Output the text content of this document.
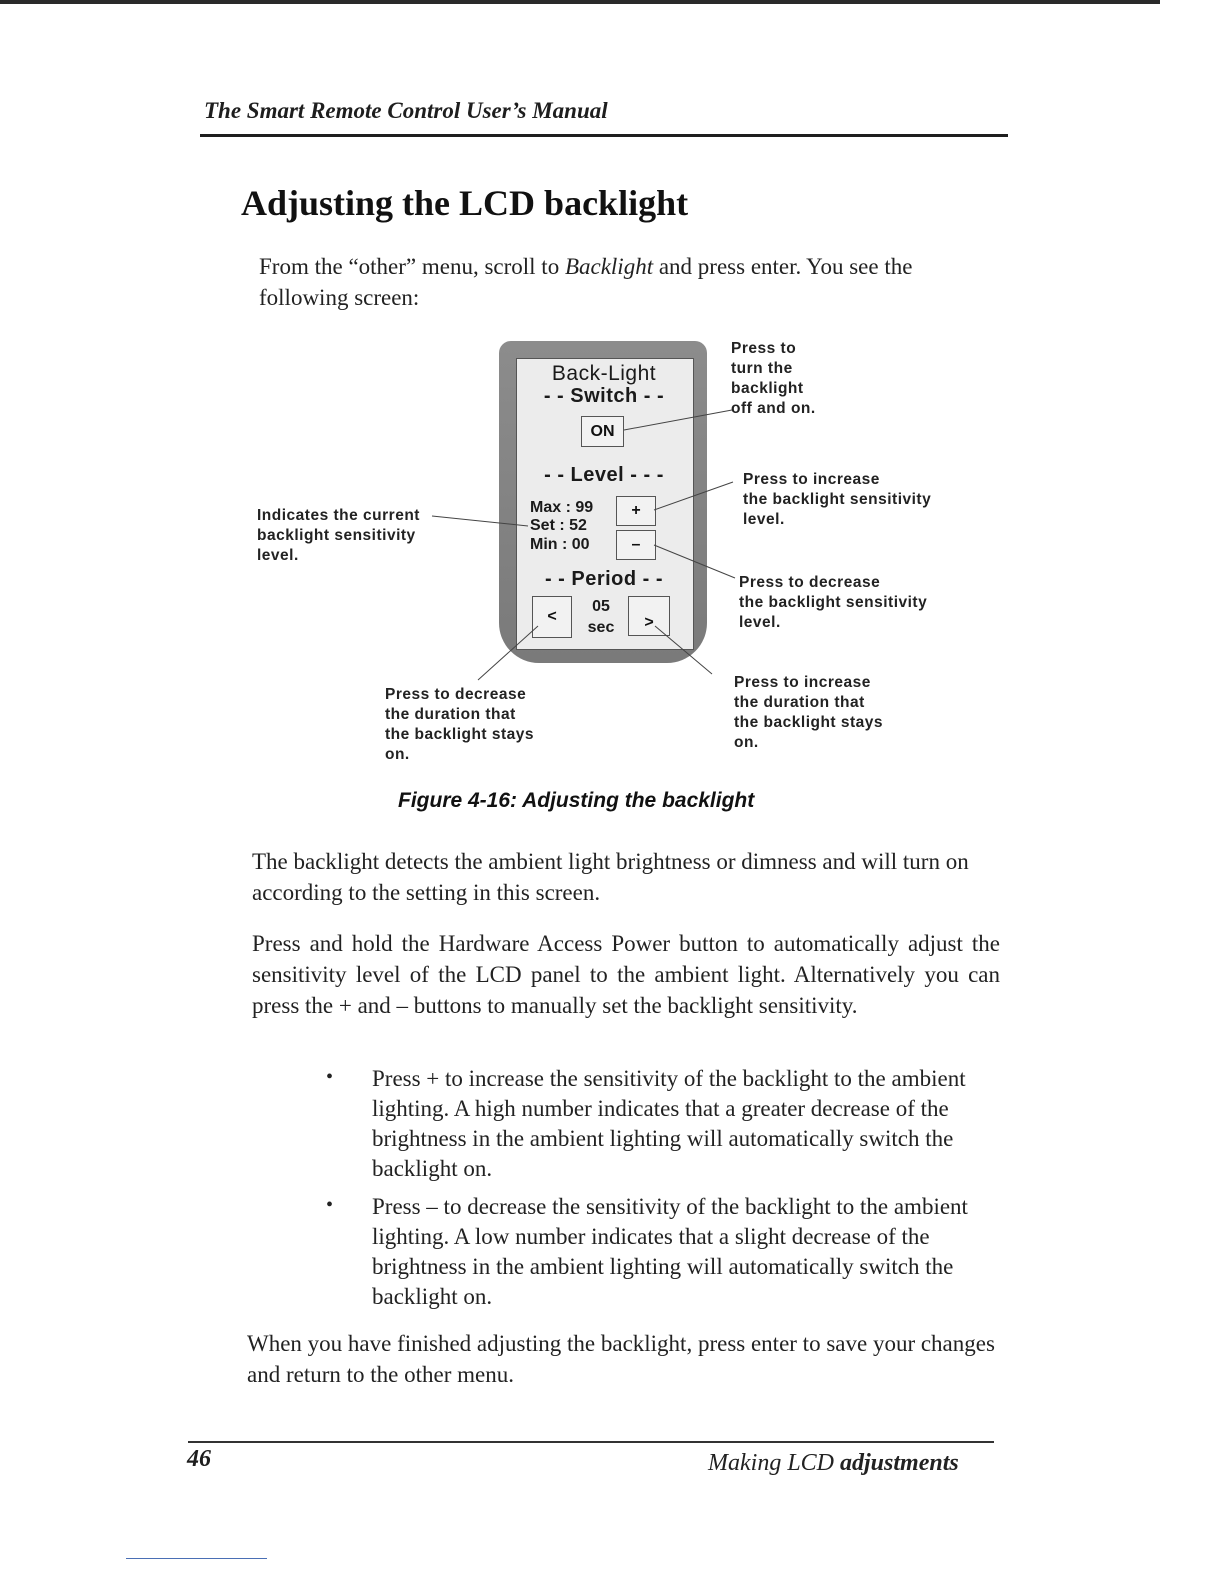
The Smart Remote Control User’s Manual
Adjusting the LCD backlight

From the “other” menu, scroll to Backlight and press enter. You see the following screen:

Back-Light
- - Switch - -
ON
- - Level - - -
Max : 99
Set : 52
Min : 00
+
–
- - Period - -
<
05
sec	>
Press to
turn the
backlight
off and on.
Press to increase
the backlight sensitivity
level.
Indicates the current
backlight sensitivity
level.
Press to decrease
the backlight sensitivity
level.
Press to decrease
the duration that
the backlight stays
on.
Press to increase
the duration that
the backlight stays
on.
Figure 4-16: Adjusting the backlight

The backlight detects the ambient light brightness or dimness and will turn on according to the setting in this screen.

Press and hold the Hardware Access Power button to automatically adjust the sensitivity level of the LCD panel to the ambient light. Alternatively you can press the + and – buttons to manually set the backlight sensitivity.

• Press + to increase the sensitivity of the backlight to the ambient lighting. A high number indicates that a greater decrease of the brightness in the ambient lighting will automatically switch the backlight on.
• Press – to decrease the sensitivity of the backlight to the ambient lighting. A low number indicates that a slight decrease of the brightness in the ambient lighting will automatically switch the backlight on.

When you have finished adjusting the backlight, press enter to save your changes and return to the other menu.

46	Making LCD adjustments
